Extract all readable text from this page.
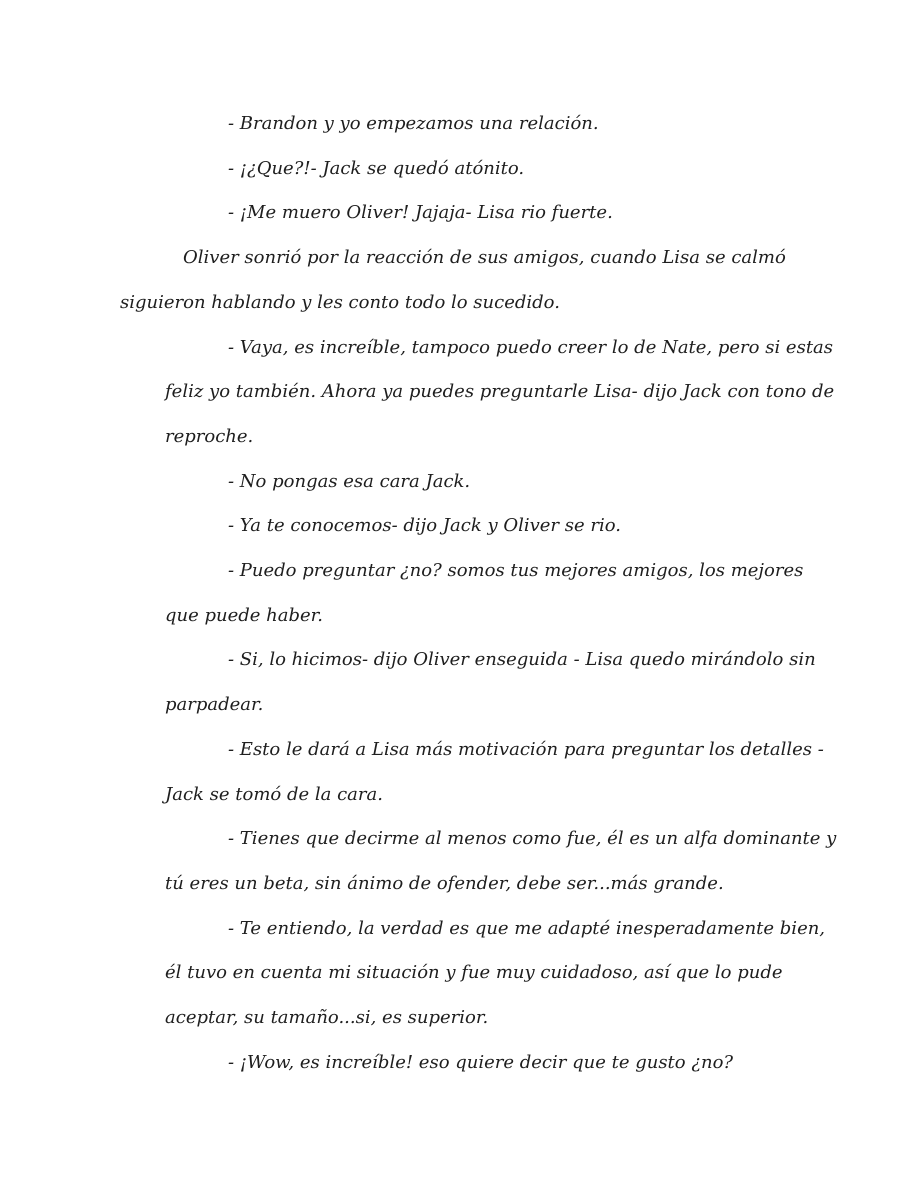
- Brandon y yo empezamos una relación.

- ¡¿Que?!- Jack se quedó atónito.

- ¡Me muero Oliver! Jajaja- Lisa rio fuerte.

Oliver sonrió por la reacción de sus amigos, cuando Lisa se calmó siguieron hablando y les conto todo lo sucedido.

- Vaya, es increíble, tampoco puedo creer lo de Nate, pero si estas feliz yo también. Ahora ya puedes preguntarle Lisa- dijo Jack con tono de reproche.

- No pongas esa cara Jack.

- Ya te conocemos- dijo Jack y Oliver se rio.

- Puedo preguntar ¿no? somos tus mejores amigos, los mejores que puede haber.

- Si, lo hicimos- dijo Oliver enseguida - Lisa quedo mirándolo sin parpadear.

- Esto le dará a Lisa más motivación para preguntar los detalles - Jack se tomó de la cara.

- Tienes que decirme al menos como fue, él es un alfa dominante y tú eres un beta, sin ánimo de ofender, debe ser...más grande.

- Te entiendo, la verdad es que me adapté inesperadamente bien, él tuvo en cuenta mi situación y fue muy cuidadoso, así que lo pude aceptar, su tamaño...si, es superior.

- ¡Wow, es increíble! eso quiere decir que te gusto ¿no?
